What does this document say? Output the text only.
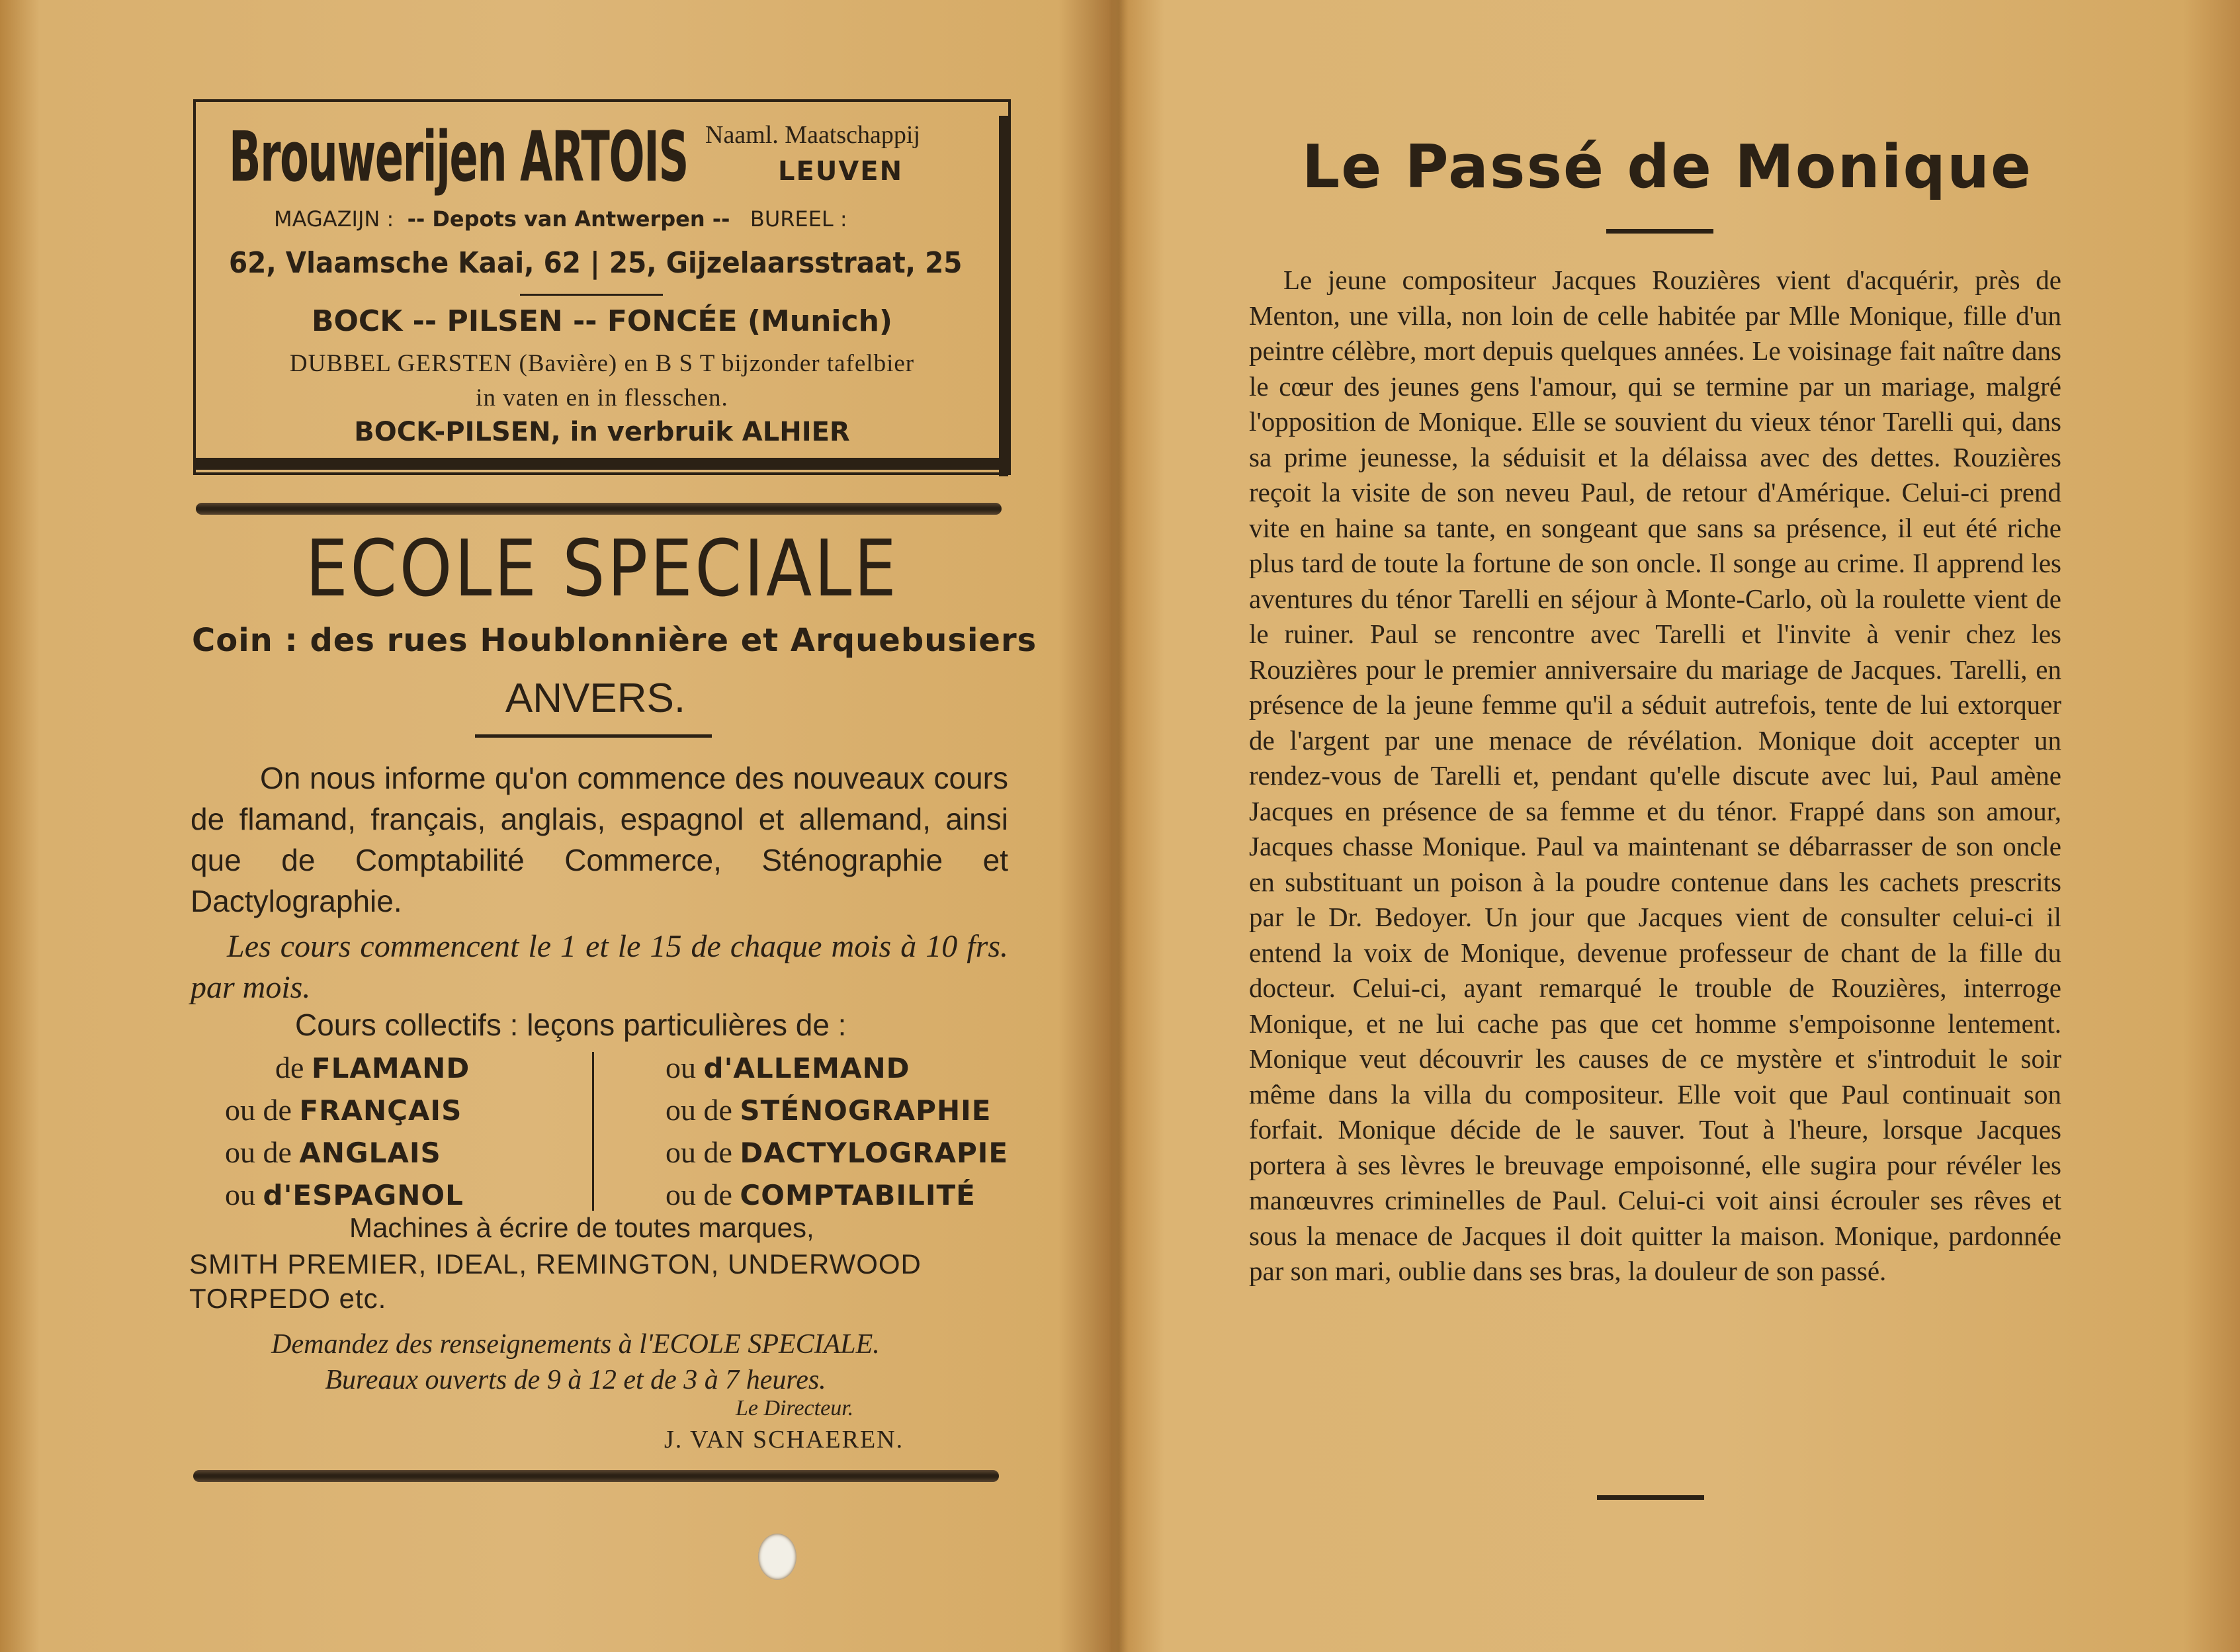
Brouwerijen ARTOIS Naaml. Maatschappij
LEUVEN
MAGAZIJN : -- Depots van Antwerpen -- BUREEL :
62, Vlaamsche Kaai, 62 | 25, Gijzelaarsstraat, 25
BOCK -- PILSEN -- FONCÉE (Munich)
DUBBEL GERSTEN (Bavière) en B S T bijzonder tafelbier
in vaten en in flesschen.
BOCK-PILSEN, in verbruik ALHIER
ECOLE SPECIALE
Coin : des rues Houblonnière et Arquebusiers
ANVERS.

On nous informe qu'on commence des nouveaux cours de flamand, français, anglais, espagnol et allemand, ainsi que de Comptabilité Commerce, Sténographie et Dactylographie.

Les cours commencent le 1 et le 15 de chaque mois à 10 frs. par mois.

Cours collectifs : leçons particulières de :
de FLAMAND
ou de FRANÇAIS
ou de ANGLAIS
ou d'ESPAGNOL
ou d'ALLEMAND
ou de STÉNOGRAPHIE
ou de DACTYLOGRAPIE
ou de COMPTABILITÉ
Machines à écrire de toutes marques,
SMITH PREMIER, IDEAL, REMINGTON, UNDERWOOD
TORPEDO etc.
Demandez des renseignements à l'ECOLE SPECIALE.
Bureaux ouverts de 9 à 12 et de 3 à 7 heures.
Le Directeur.
J. VAN SCHAEREN.
Le Passé de Monique

Le jeune compositeur Jacques Rouzières vient d'acquérir, près de Menton, une villa, non loin de celle habitée par Mlle Monique, fille d'un peintre célèbre, mort depuis quelques années. Le voisinage fait naître dans le cœur des jeunes gens l'amour, qui se termine par un mariage, malgré l'opposition de Monique. Elle se souvient du vieux ténor Tarelli qui, dans sa prime jeunesse, la séduisit et la délaissa avec des dettes. Rouzières reçoit la visite de son neveu Paul, de retour d'Amérique. Celui-ci prend vite en haine sa tante, en songeant que sans sa présence, il eut été riche plus tard de toute la fortune de son oncle. Il songe au crime. Il apprend les aventures du ténor Tarelli en séjour à Monte-Carlo, où la roulette vient de le ruiner. Paul se rencontre avec Tarelli et l'invite à venir chez les Rouzières pour le premier anniversaire du mariage de Jacques. Tarelli, en présence de la jeune femme qu'il a séduit autrefois, tente de lui extorquer de l'argent par une menace de révélation. Monique doit accepter un rendez-vous de Tarelli et, pendant qu'elle discute avec lui, Paul amène Jacques en présence de sa femme et du ténor. Frappé dans son amour, Jacques chasse Monique. Paul va maintenant se débarrasser de son oncle en substituant un poison à la poudre contenue dans les cachets prescrits par le Dr. Bedoyer. Un jour que Jacques vient de consulter celui-ci il entend la voix de Monique, devenue professeur de chant de la fille du docteur. Celui-ci, ayant remarqué le trouble de Rouzières, interroge Monique, et ne lui cache pas que cet homme s'empoisonne lentement. Monique veut découvrir les causes de ce mystère et s'introduit le soir même dans la villa du compositeur. Elle voit que Paul continuait son forfait. Monique décide de le sauver. Tout à l'heure, lorsque Jacques portera à ses lèvres le breuvage empoisonné, elle sugira pour révéler les manœuvres criminelles de Paul. Celui-ci voit ainsi écrouler ses rêves et sous la menace de Jacques il doit quitter la maison. Monique, pardonnée par son mari, oublie dans ses bras, la douleur de son passé.
